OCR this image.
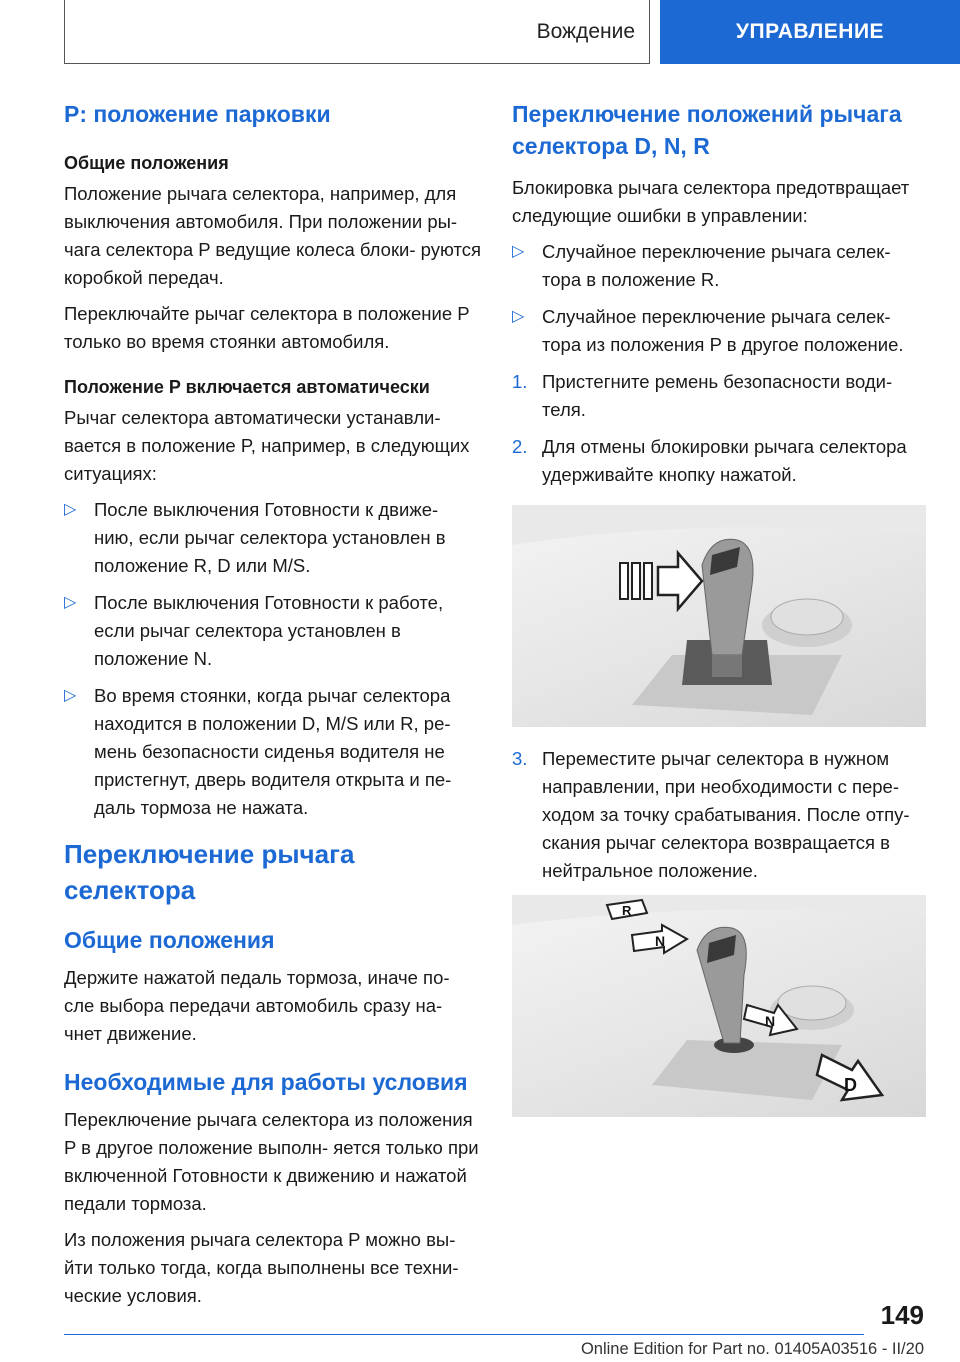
Вождение	УПРАВЛЕНИЕ
P: положение парковки
Общие положения

Положение рычага селектора, например, для выключения автомобиля. При положении ры- чага селектора P ведущие колеса блоки- руются коробкой передач.

Переключайте рычаг селектора в положение P только во время стоянки автомобиля.

Положение P включается автоматически

Рычаг селектора автоматически устанавли- вается в положение P, например, в следующих ситуациях:

▷ После выключения Готовности к движе- нию, если рычаг селектора установлен в положение R, D или M/S.
▷ После выключения Готовности к работе, если рычаг селектора установлен в положение N.
▷ Во время стоянки, когда рычаг селектора находится в положении D, M/S или R, ре- мень безопасности сиденья водителя не пристегнут, дверь водителя открыта и пе- даль тормоза не нажата.
Переключение рычага селектора
Общие положения

Держите нажатой педаль тормоза, иначе по- сле выбора передачи автомобиль сразу на- чнет движение.

Необходимые для работы условия

Переключение рычага селектора из положения P в другое положение выполн- яется только при включенной Готовности к движению и нажатой педали тормоза.

Из положения рычага селектора P можно вы- йти только тогда, когда выполнены все техни- ческие условия.

Переключение положений рычага селектора D, N, R

Блокировка рычага селектора предотвращает следующие ошибки в управлении:

▷ Случайное переключение рычага селек- тора в положение R.
▷ Случайное переключение рычага селек- тора из положения P в другое положение.
1. Пристегните ремень безопасности води- теля.
2. Для отмены блокировки рычага селектора удерживайте кнопку нажатой.
3. Переместите рычаг селектора в нужном направлении, при необходимости с пере- ходом за точку срабатывания. После отпу- скания рычаг селектора возвращается в нейтральное положение.
R
N
N
D
149
Online Edition for Part no. 01405A03516 - II/20
